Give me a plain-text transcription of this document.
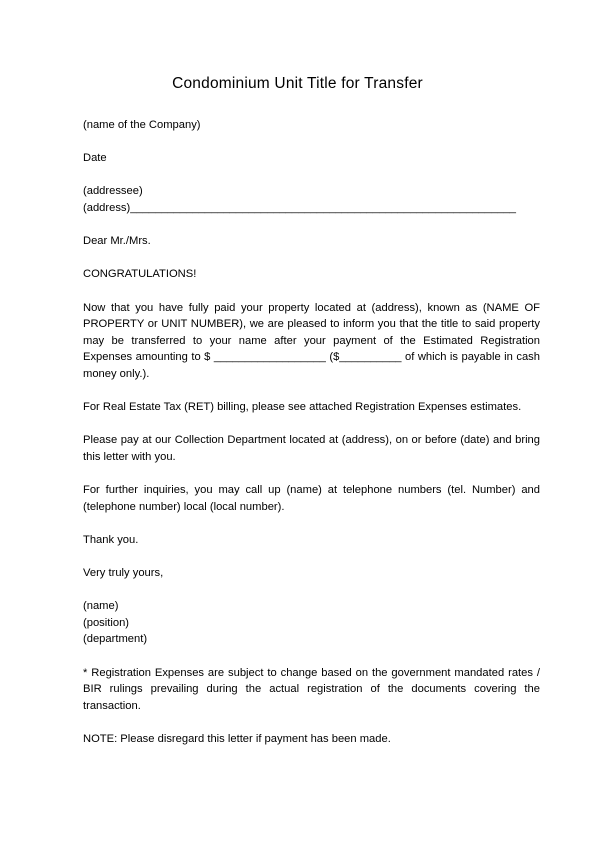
Condominium Unit Title for Transfer

(name of the Company)

Date

(addressee)
(address)______________________________________________________________

Dear Mr./Mrs.

CONGRATULATIONS!

Now that you have fully paid your property located at (address), known as (NAME OF PROPERTY or UNIT NUMBER), we are pleased to inform you that the title to said property may be transferred to your name after your payment of the Estimated Registration Expenses amounting to $ __________________ ($__________ of which is payable in cash money only.).

For Real Estate Tax (RET) billing, please see attached Registration Expenses estimates.

Please pay at our Collection Department located at (address), on or before (date) and bring this letter with you.

For further inquiries, you may call up (name) at telephone numbers (tel. Number) and (telephone number) local (local number).

Thank you.

Very truly yours,

(name)
(position)
(department)

* Registration Expenses are subject to change based on the government mandated rates / BIR rulings prevailing during the actual registration of the documents covering the transaction.

NOTE: Please disregard this letter if payment has been made.
